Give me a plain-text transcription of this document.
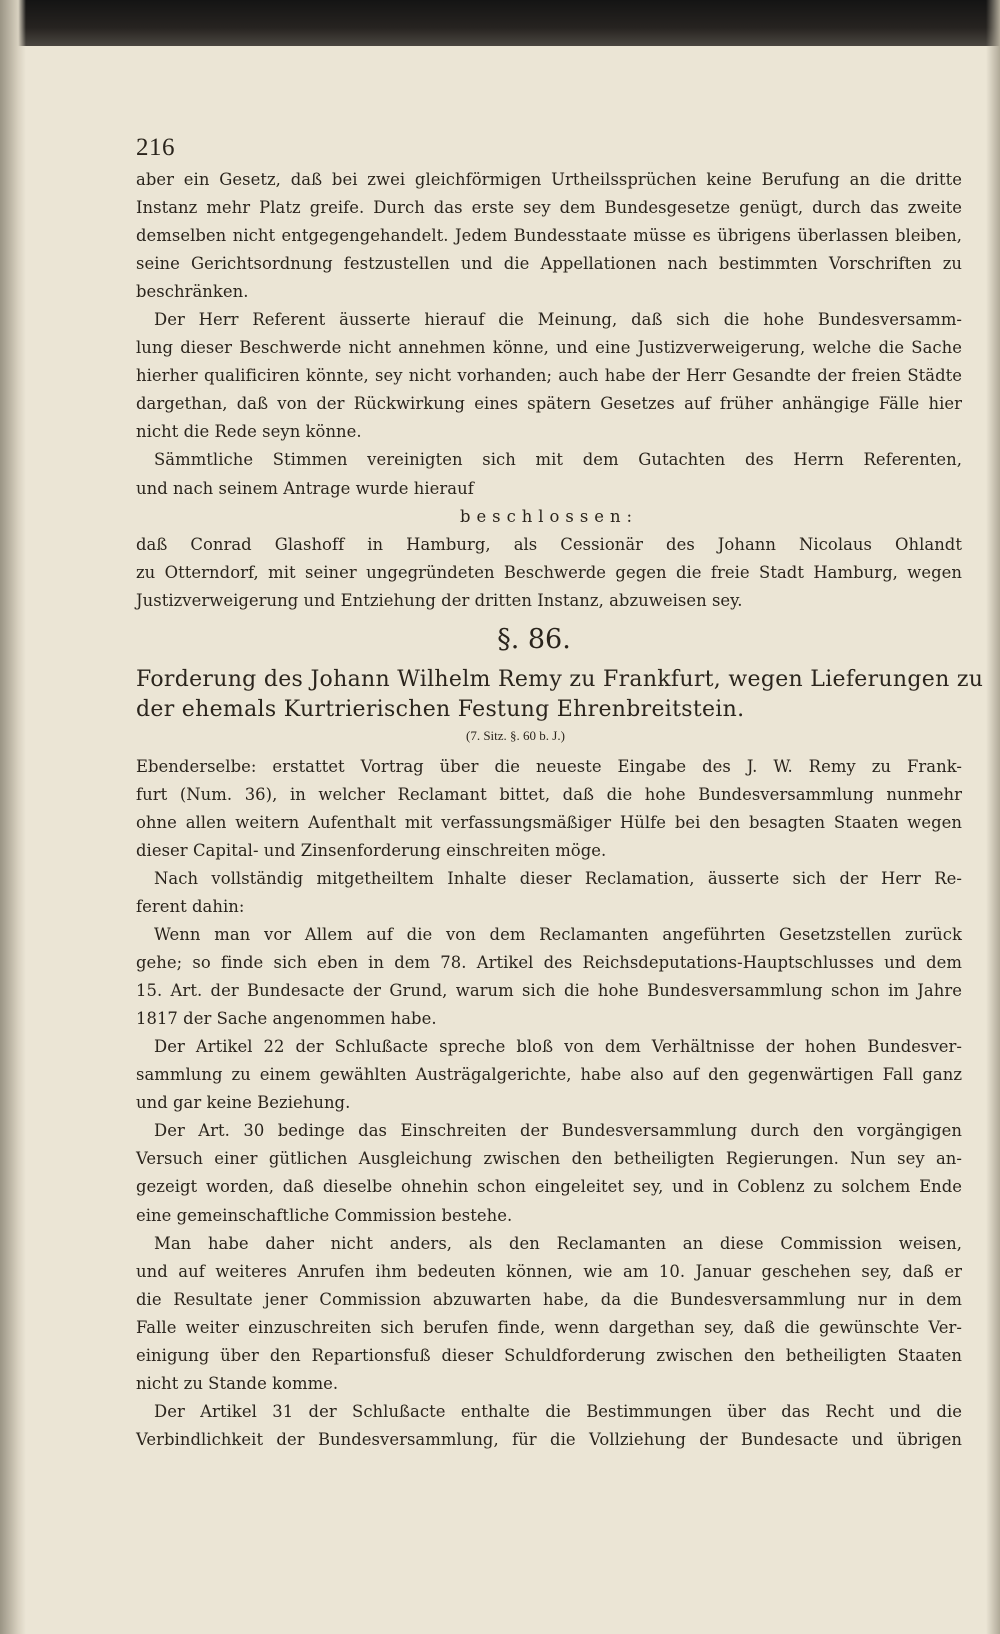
216
aber ein Gesetz, daß bei zwei gleichförmigen Urtheilssprüchen keine Berufung an die dritte
Instanz mehr Platz greife. Durch das erste sey dem Bundesgesetze genügt, durch das zweite
demselben nicht entgegengehandelt. Jedem Bundesstaate müsse es übrigens überlassen bleiben,
seine Gerichtsordnung festzustellen und die Appellationen nach bestimmten Vorschriften zu
beschränken.
Der Herr Referent äusserte hierauf die Meinung, daß sich die hohe Bundesversamm-
lung dieser Beschwerde nicht annehmen könne, und eine Justizverweigerung, welche die Sache
hierher qualificiren könnte, sey nicht vorhanden; auch habe der Herr Gesandte der freien Städte
dargethan, daß von der Rückwirkung eines spätern Gesetzes auf früher anhängige Fälle hier
nicht die Rede seyn könne.
Sämmtliche Stimmen vereinigten sich mit dem Gutachten des Herrn Referenten,
und nach seinem Antrage wurde hierauf
beschlossen:
daß Conrad Glashoff in Hamburg, als Cessionär des Johann Nicolaus Ohlandt
zu Otterndorf, mit seiner ungegründeten Beschwerde gegen die freie Stadt Hamburg, wegen
Justizverweigerung und Entziehung der dritten Instanz, abzuweisen sey.
§. 86.
Forderung des Johann Wilhelm Remy zu Frankfurt, wegen Lieferungen zu
der ehemals Kurtrierischen Festung Ehrenbreitstein.
(7. Sitz. §. 60 b. J.)
Ebenderselbe: erstattet Vortrag über die neueste Eingabe des J. W. Remy zu Frank-
furt (Num. 36), in welcher Reclamant bittet, daß die hohe Bundesversammlung nunmehr
ohne allen weitern Aufenthalt mit verfassungsmäßiger Hülfe bei den besagten Staaten wegen
dieser Capital- und Zinsenforderung einschreiten möge.
Nach vollständig mitgetheiltem Inhalte dieser Reclamation, äusserte sich der Herr Re-
ferent dahin:
Wenn man vor Allem auf die von dem Reclamanten angeführten Gesetzstellen zurück
gehe; so finde sich eben in dem 78. Artikel des Reichsdeputations-Hauptschlusses und dem
15. Art. der Bundesacte der Grund, warum sich die hohe Bundesversammlung schon im Jahre
1817 der Sache angenommen habe.
Der Artikel 22 der Schlußacte spreche bloß von dem Verhältnisse der hohen Bundesver-
sammlung zu einem gewählten Austrägalgerichte, habe also auf den gegenwärtigen Fall ganz
und gar keine Beziehung.
Der Art. 30 bedinge das Einschreiten der Bundesversammlung durch den vorgängigen
Versuch einer gütlichen Ausgleichung zwischen den betheiligten Regierungen. Nun sey an-
gezeigt worden, daß dieselbe ohnehin schon eingeleitet sey, und in Coblenz zu solchem Ende
eine gemeinschaftliche Commission bestehe.
Man habe daher nicht anders, als den Reclamanten an diese Commission weisen,
und auf weiteres Anrufen ihm bedeuten können, wie am 10. Januar geschehen sey, daß er
die Resultate jener Commission abzuwarten habe, da die Bundesversammlung nur in dem
Falle weiter einzuschreiten sich berufen finde, wenn dargethan sey, daß die gewünschte Ver-
einigung über den Repartionsfuß dieser Schuldforderung zwischen den betheiligten Staaten
nicht zu Stande komme.
Der Artikel 31 der Schlußacte enthalte die Bestimmungen über das Recht und die
Verbindlichkeit der Bundesversammlung, für die Vollziehung der Bundesacte und übrigen
